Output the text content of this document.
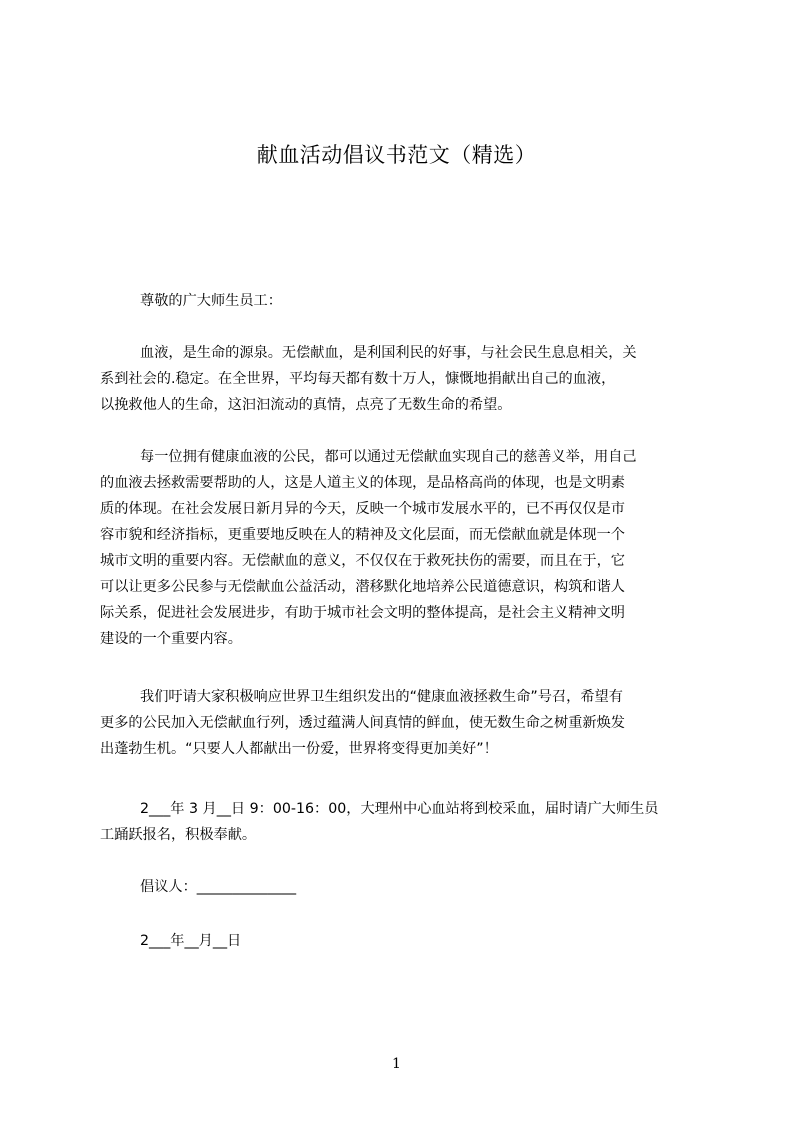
献血活动倡议书范文（精选）
尊敬的广大师生员工：
血液，是生命的源泉。无偿献血，是利国利民的好事，与社会民生息息相关，关
系到社会的.稳定。在全世界，平均每天都有数十万人，慷慨地捐献出自己的血液，
以挽救他人的生命，这汩汩流动的真情，点亮了无数生命的希望。
每一位拥有健康血液的公民，都可以通过无偿献血实现自己的慈善义举，用自己
的血液去拯救需要帮助的人，这是人道主义的体现，是品格高尚的体现，也是文明素
质的体现。在社会发展日新月异的今天，反映一个城市发展水平的，已不再仅仅是市
容市貌和经济指标，更重要地反映在人的精神及文化层面，而无偿献血就是体现一个
城市文明的重要内容。无偿献血的意义，不仅仅在于救死扶伤的需要，而且在于，它
可以让更多公民参与无偿献血公益活动，潜移默化地培养公民道德意识，构筑和谐人
际关系，促进社会发展进步，有助于城市社会文明的整体提高，是社会主义精神文明
建设的一个重要内容。
我们吁请大家积极响应世界卫生组织发出的“健康血液拯救生命”号召，希望有
更多的公民加入无偿献血行列，透过蕴满人间真情的鲜血，使无数生命之树重新焕发
出蓬勃生机。“只要人人都献出一份爱，世界将变得更加美好”！
2___年 3 月__日 9：00-16：00，大理州中心血站将到校采血，届时请广大师生员
工踊跃报名，积极奉献。
倡议人：______________
2___年__月__日
1
